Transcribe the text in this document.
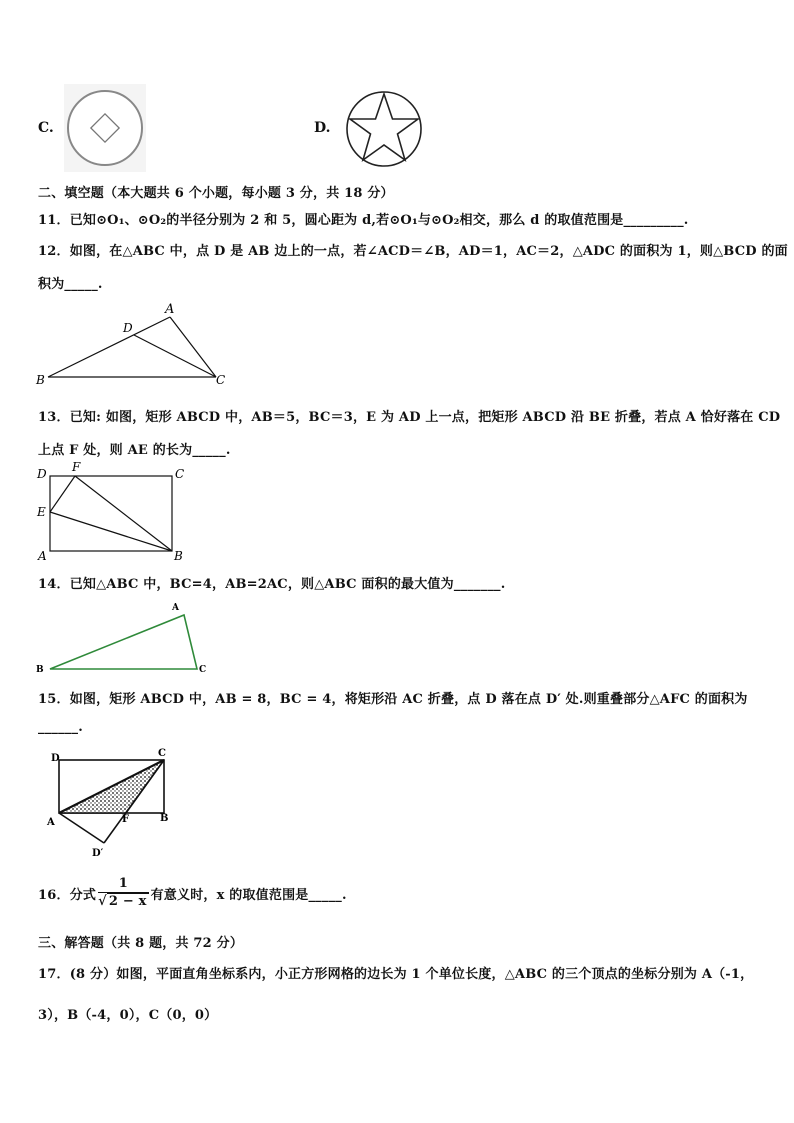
C.	D.
二、填空题（本大题共 6 个小题，每小题 3 分，共 18 分）
11．已知⊙O₁、⊙O₂的半径分别为 2 和 5，圆心距为 d,若⊙O₁与⊙O₂相交，那么 d 的取值范围是_________.
12．如图，在△ABC 中，点 D 是 AB 边上的一点，若∠ACD＝∠B，AD＝1，AC＝2，△ADC 的面积为 1，则△BCD 的面
积为_____.
A
B	C
D
13．已知: 如图，矩形 ABCD 中，AB＝5，BC＝3，E 为 AD 上一点，把矩形 ABCD 沿 BE 折叠，若点 A 恰好落在 CD
上点 F 处，则 AE 的长为_____.
D F	C
E
A	B
14．已知△ABC 中，BC=4，AB=2AC，则△ABC 面积的最大值为_______.
A
B	C
15．如图，矩形 ABCD 中，AB = 8，BC = 4，将矩形沿 AC 折叠，点 D 落在点 D′ 处.则重叠部分△AFC 的面积为
______.
D	C
A	F	B
D′
16．分式 $\frac{1}{√ 2 - x}$ 有意义时，x 的取值范围是_____.
三、解答题（共 8 题，共 72 分）
17．(8 分）如图，平面直角坐标系内，小正方形网格的边长为 1 个单位长度，△ABC 的三个顶点的坐标分别为 A（-1，
3），B（-4，0），C（0，0）
